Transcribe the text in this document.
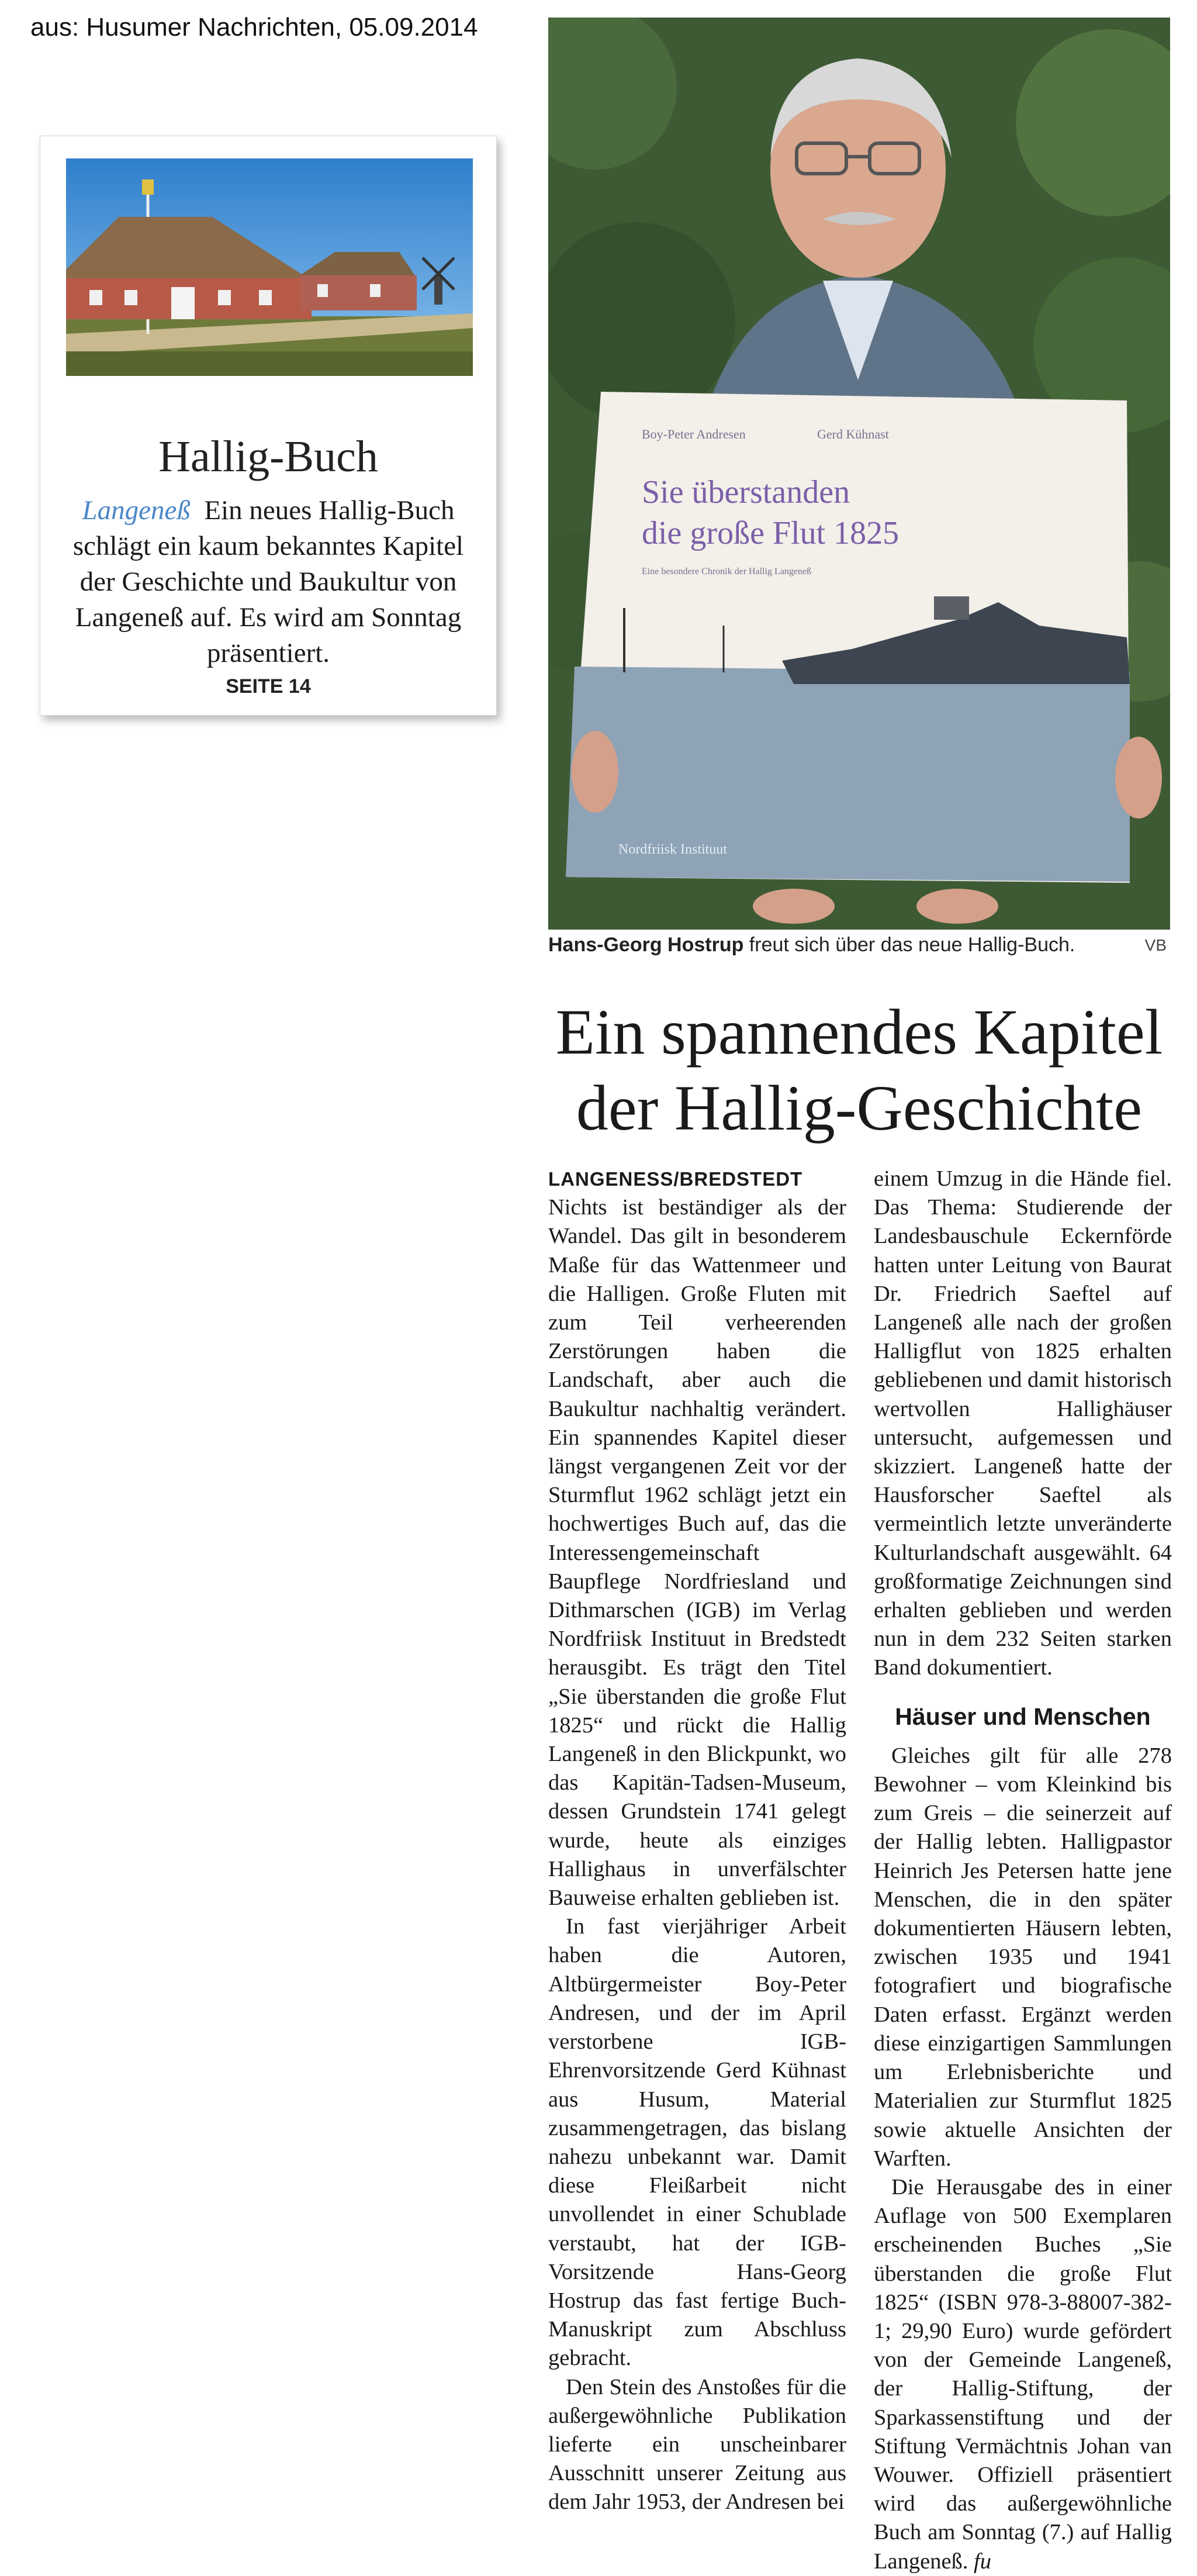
aus: Husumer Nachrichten, 05.09.2014
Hallig-Buch
Langeneß Ein neues Hallig-Buch schlägt ein kaum bekanntes Kapitel der Geschichte und Baukultur von Langeneß auf. Es wird am Sonntag präsentiert.
SEITE 14
Boy-Peter Andresen	Gerd Kühnast
Sie überstanden
die große Flut 1825
Eine besondere Chronik der Hallig Langeneß
Nordfriisk Instituut
Hans-Georg Hostrup freut sich über das neue Hallig-Buch.	VB
Ein spannendes Kapitel
der Hallig-Geschichte
LANGENESS/BREDSTEDT

Nichts ist beständiger als der Wandel. Das gilt in besonderem Maße für das Wattenmeer und die Halligen. Große Fluten mit zum Teil verheerenden Zerstörungen haben die Landschaft, aber auch die Baukultur nachhaltig verändert. Ein spannendes Kapitel dieser längst vergangenen Zeit vor der Sturmflut 1962 schlägt jetzt ein hochwertiges Buch auf, das die Interessengemeinschaft Baupflege Nordfriesland und Dithmarschen (IGB) im Verlag Nordfriisk Instituut in Bredstedt herausgibt. Es trägt den Titel „Sie überstanden die große Flut 1825“ und rückt die Hallig Langeneß in den Blickpunkt, wo das Kapitän-Tadsen-Museum, dessen Grundstein 1741 gelegt wurde, heute als einziges Hallighaus in unverfälschter Bauweise erhalten geblieben ist.

In fast vierjähriger Arbeit haben die Autoren, Altbürgermeister Boy-Peter Andresen, und der im April verstorbene IGB-Ehrenvorsitzende Gerd Kühnast aus Husum, Material zusammengetragen, das bislang nahezu unbekannt war. Damit diese Fleißarbeit nicht unvollendet in einer Schublade verstaubt, hat der IGB-Vorsitzende Hans-Georg Hostrup das fast fertige Buch-Manuskript zum Abschluss gebracht.

Den Stein des Anstoßes für die außergewöhnliche Publikation lieferte ein unscheinbarer Ausschnitt unserer Zeitung aus dem Jahr 1953, der Andresen bei

einem Umzug in die Hände fiel. Das Thema: Studierende der Landesbauschule Eckernförde hatten unter Leitung von Baurat Dr. Friedrich Saeftel auf Langeneß alle nach der großen Halligflut von 1825 erhalten gebliebenen und damit historisch wertvollen Hallighäuser untersucht, aufgemessen und skizziert. Langeneß hatte der Hausforscher Saeftel als vermeintlich letzte unveränderte Kulturlandschaft ausgewählt. 64 großformatige Zeichnungen sind erhalten geblieben und werden nun in dem 232 Seiten starken Band dokumentiert.

Häuser und Menschen

Gleiches gilt für alle 278 Bewohner – vom Kleinkind bis zum Greis – die seinerzeit auf der Hallig lebten. Halligpastor Heinrich Jes Petersen hatte jene Menschen, die in den später dokumentierten Häusern lebten, zwischen 1935 und 1941 fotografiert und biografische Daten erfasst. Ergänzt werden diese einzigartigen Sammlungen um Erlebnisberichte und Materialien zur Sturmflut 1825 sowie aktuelle Ansichten der Warften.

Die Herausgabe des in einer Auflage von 500 Exemplaren erscheinenden Buches „Sie überstanden die große Flut 1825“ (ISBN 978-3-88007-382-1; 29,90 Euro) wurde gefördert von der Gemeinde Langeneß, der Hallig-Stiftung, der Sparkassenstiftung und der Stiftung Vermächtnis Johan van Wouwer. Offiziell präsentiert wird das außergewöhnliche Buch am Sonntag (7.) auf Hallig Langeneß. fu
